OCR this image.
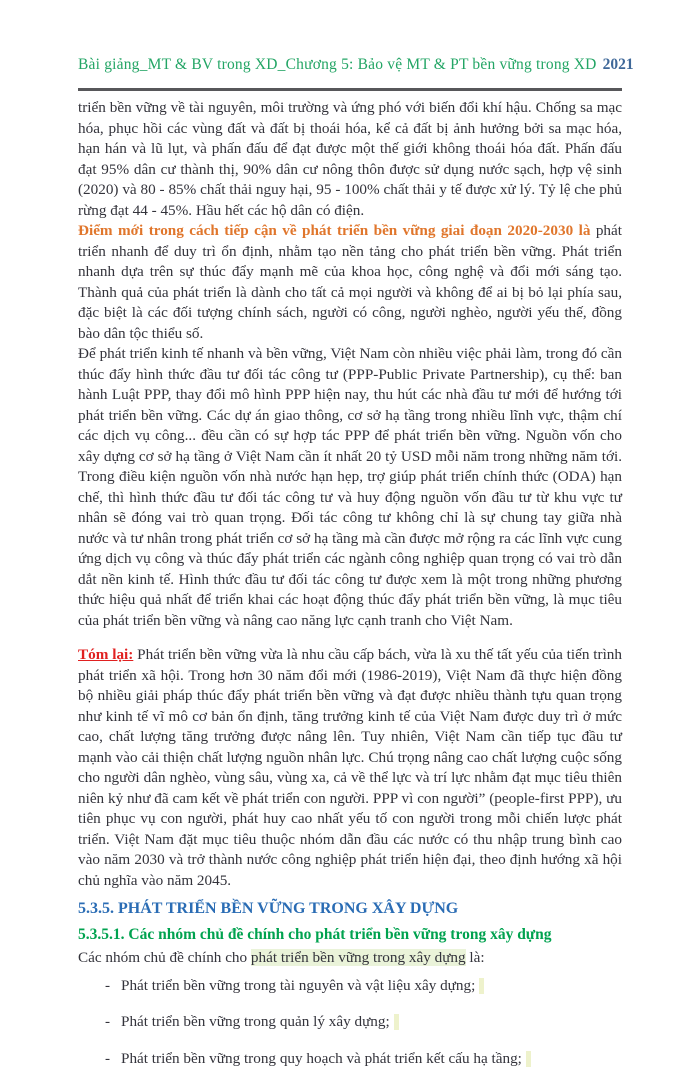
Bài giảng_MT & BV trong XD_Chương 5: Bảo vệ MT & PT bền vững trong XD 2021

triển bền vững về tài nguyên, môi trường và ứng phó với biến đổi khí hậu. Chống sa mạc hóa, phục hồi các vùng đất và đất bị thoái hóa, kể cả đất bị ảnh hưởng bởi sa mạc hóa, hạn hán và lũ lụt, và phấn đấu để đạt được một thế giới không thoái hóa đất. Phấn đấu đạt 95% dân cư thành thị, 90% dân cư nông thôn được sử dụng nước sạch, hợp vệ sinh (2020) và 80 - 85% chất thải nguy hại, 95 - 100% chất thải y tế được xử lý. Tỷ lệ che phủ rừng đạt 44 - 45%. Hầu hết các hộ dân có điện.

Điểm mới trong cách tiếp cận về phát triển bền vững giai đoạn 2020-2030 là phát triển nhanh để duy trì ổn định, nhằm tạo nền tảng cho phát triển bền vững. Phát triển nhanh dựa trên sự thúc đẩy mạnh mẽ của khoa học, công nghệ và đổi mới sáng tạo. Thành quả của phát triển là dành cho tất cả mọi người và không để ai bị bỏ lại phía sau, đặc biệt là các đối tượng chính sách, người có công, người nghèo, người yếu thế, đồng bào dân tộc thiểu số.

Để phát triển kinh tế nhanh và bền vững, Việt Nam còn nhiều việc phải làm, trong đó cần thúc đẩy hình thức đầu tư đối tác công tư (PPP-Public Private Partnership), cụ thể: ban hành Luật PPP, thay đổi mô hình PPP hiện nay, thu hút các nhà đầu tư mới để hướng tới phát triển bền vững. Các dự án giao thông, cơ sở hạ tầng trong nhiều lĩnh vực, thậm chí các dịch vụ công... đều cần có sự hợp tác PPP để phát triển bền vững. Nguồn vốn cho xây dựng cơ sở hạ tầng ở Việt Nam cần ít nhất 20 tỷ USD mỗi năm trong những năm tới. Trong điều kiện nguồn vốn nhà nước hạn hẹp, trợ giúp phát triển chính thức (ODA) hạn chế, thì hình thức đầu tư đối tác công tư và huy động nguồn vốn đầu tư từ khu vực tư nhân sẽ đóng vai trò quan trọng. Đối tác công tư không chỉ là sự chung tay giữa nhà nước và tư nhân trong phát triển cơ sở hạ tầng mà cần được mở rộng ra các lĩnh vực cung ứng dịch vụ công và thúc đẩy phát triển các ngành công nghiệp quan trọng có vai trò dẫn dắt nền kinh tế. Hình thức đầu tư đối tác công tư được xem là một trong những phương thức hiệu quả nhất để triển khai các hoạt động thúc đẩy phát triển bền vững, là mục tiêu của phát triển bền vững và nâng cao năng lực cạnh tranh cho Việt Nam.

Tóm lại: Phát triển bền vững vừa là nhu cầu cấp bách, vừa là xu thế tất yếu của tiến trình phát triển xã hội. Trong hơn 30 năm đổi mới (1986-2019), Việt Nam đã thực hiện đồng bộ nhiều giải pháp thúc đẩy phát triển bền vững và đạt được nhiều thành tựu quan trọng như kinh tế vĩ mô cơ bản ổn định, tăng trưởng kinh tế của Việt Nam được duy trì ở mức cao, chất lượng tăng trưởng được nâng lên. Tuy nhiên, Việt Nam cần tiếp tục đầu tư mạnh vào cải thiện chất lượng nguồn nhân lực. Chú trọng nâng cao chất lượng cuộc sống cho người dân nghèo, vùng sâu, vùng xa, cả về thể lực và trí lực nhằm đạt mục tiêu thiên niên kỷ như đã cam kết về phát triển con người. PPP vì con người” (people-first PPP), ưu tiên phục vụ con người, phát huy cao nhất yếu tố con người trong mỗi chiến lược phát triển. Việt Nam đặt mục tiêu thuộc nhóm dẫn đầu các nước có thu nhập trung bình cao vào năm 2030 và trở thành nước công nghiệp phát triển hiện đại, theo định hướng xã hội chủ nghĩa vào năm 2045.

5.3.5. PHÁT TRIỂN BỀN VỮNG TRONG XÂY DỰNG
5.3.5.1. Các nhóm chủ đề chính cho phát triển bền vững trong xây dựng

Các nhóm chủ đề chính cho phát triển bền vững trong xây dựng là:

- Phát triển bền vững trong tài nguyên và vật liệu xây dựng;
- Phát triển bền vững trong quản lý xây dựng;
- Phát triển bền vững trong quy hoạch và phát triển kết cấu hạ tầng;
